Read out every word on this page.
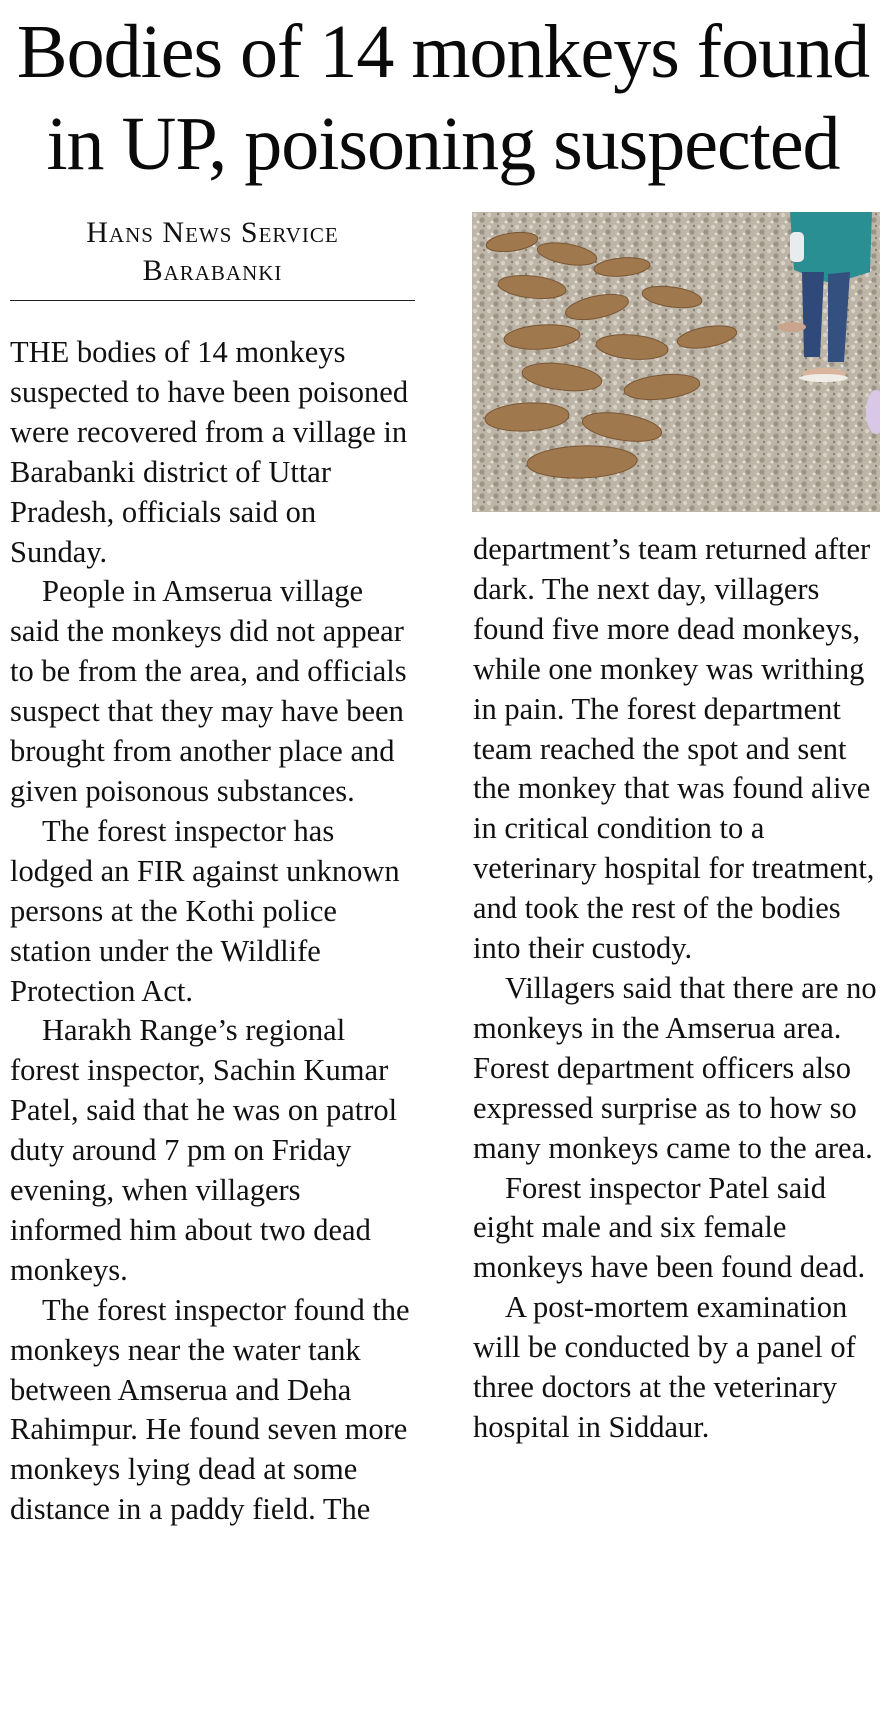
Bodies of 14 monkeys found
in UP, poisoning suspected
Hans News Service
Barabanki

THE bodies of 14 monkeys suspected to have been poisoned were recovered from a village in Barabanki district of Uttar Pradesh, officials said on Sunday.

People in Amserua village said the monkeys did not appear to be from the area, and officials suspect that they may have been brought from another place and given poisonous substances.

The forest inspector has lodged an FIR against unknown persons at the Kothi police station under the Wildlife Protection Act.

Harakh Range’s regional forest inspector, Sachin Kumar Patel, said that he was on patrol duty around 7 pm on Friday evening, when villagers informed him about two dead monkeys.

The forest inspector found the monkeys near the water tank between Amserua and Deha Rahimpur. He found seven more monkeys lying dead at some distance in a paddy field. The

department’s team returned after dark. The next day, villagers found five more dead monkeys, while one monkey was writhing in pain. The forest department team reached the spot and sent the monkey that was found alive in critical condition to a veterinary hospital for treatment, and took the rest of the bodies into their custody.

Villagers said that there are no monkeys in the Amserua area. Forest department officers also expressed surprise as to how so many monkeys came to the area.

Forest inspector Patel said eight male and six female monkeys have been found dead.

A post-mortem examination will be conducted by a panel of three doctors at the veterinary hospital in Siddaur.
